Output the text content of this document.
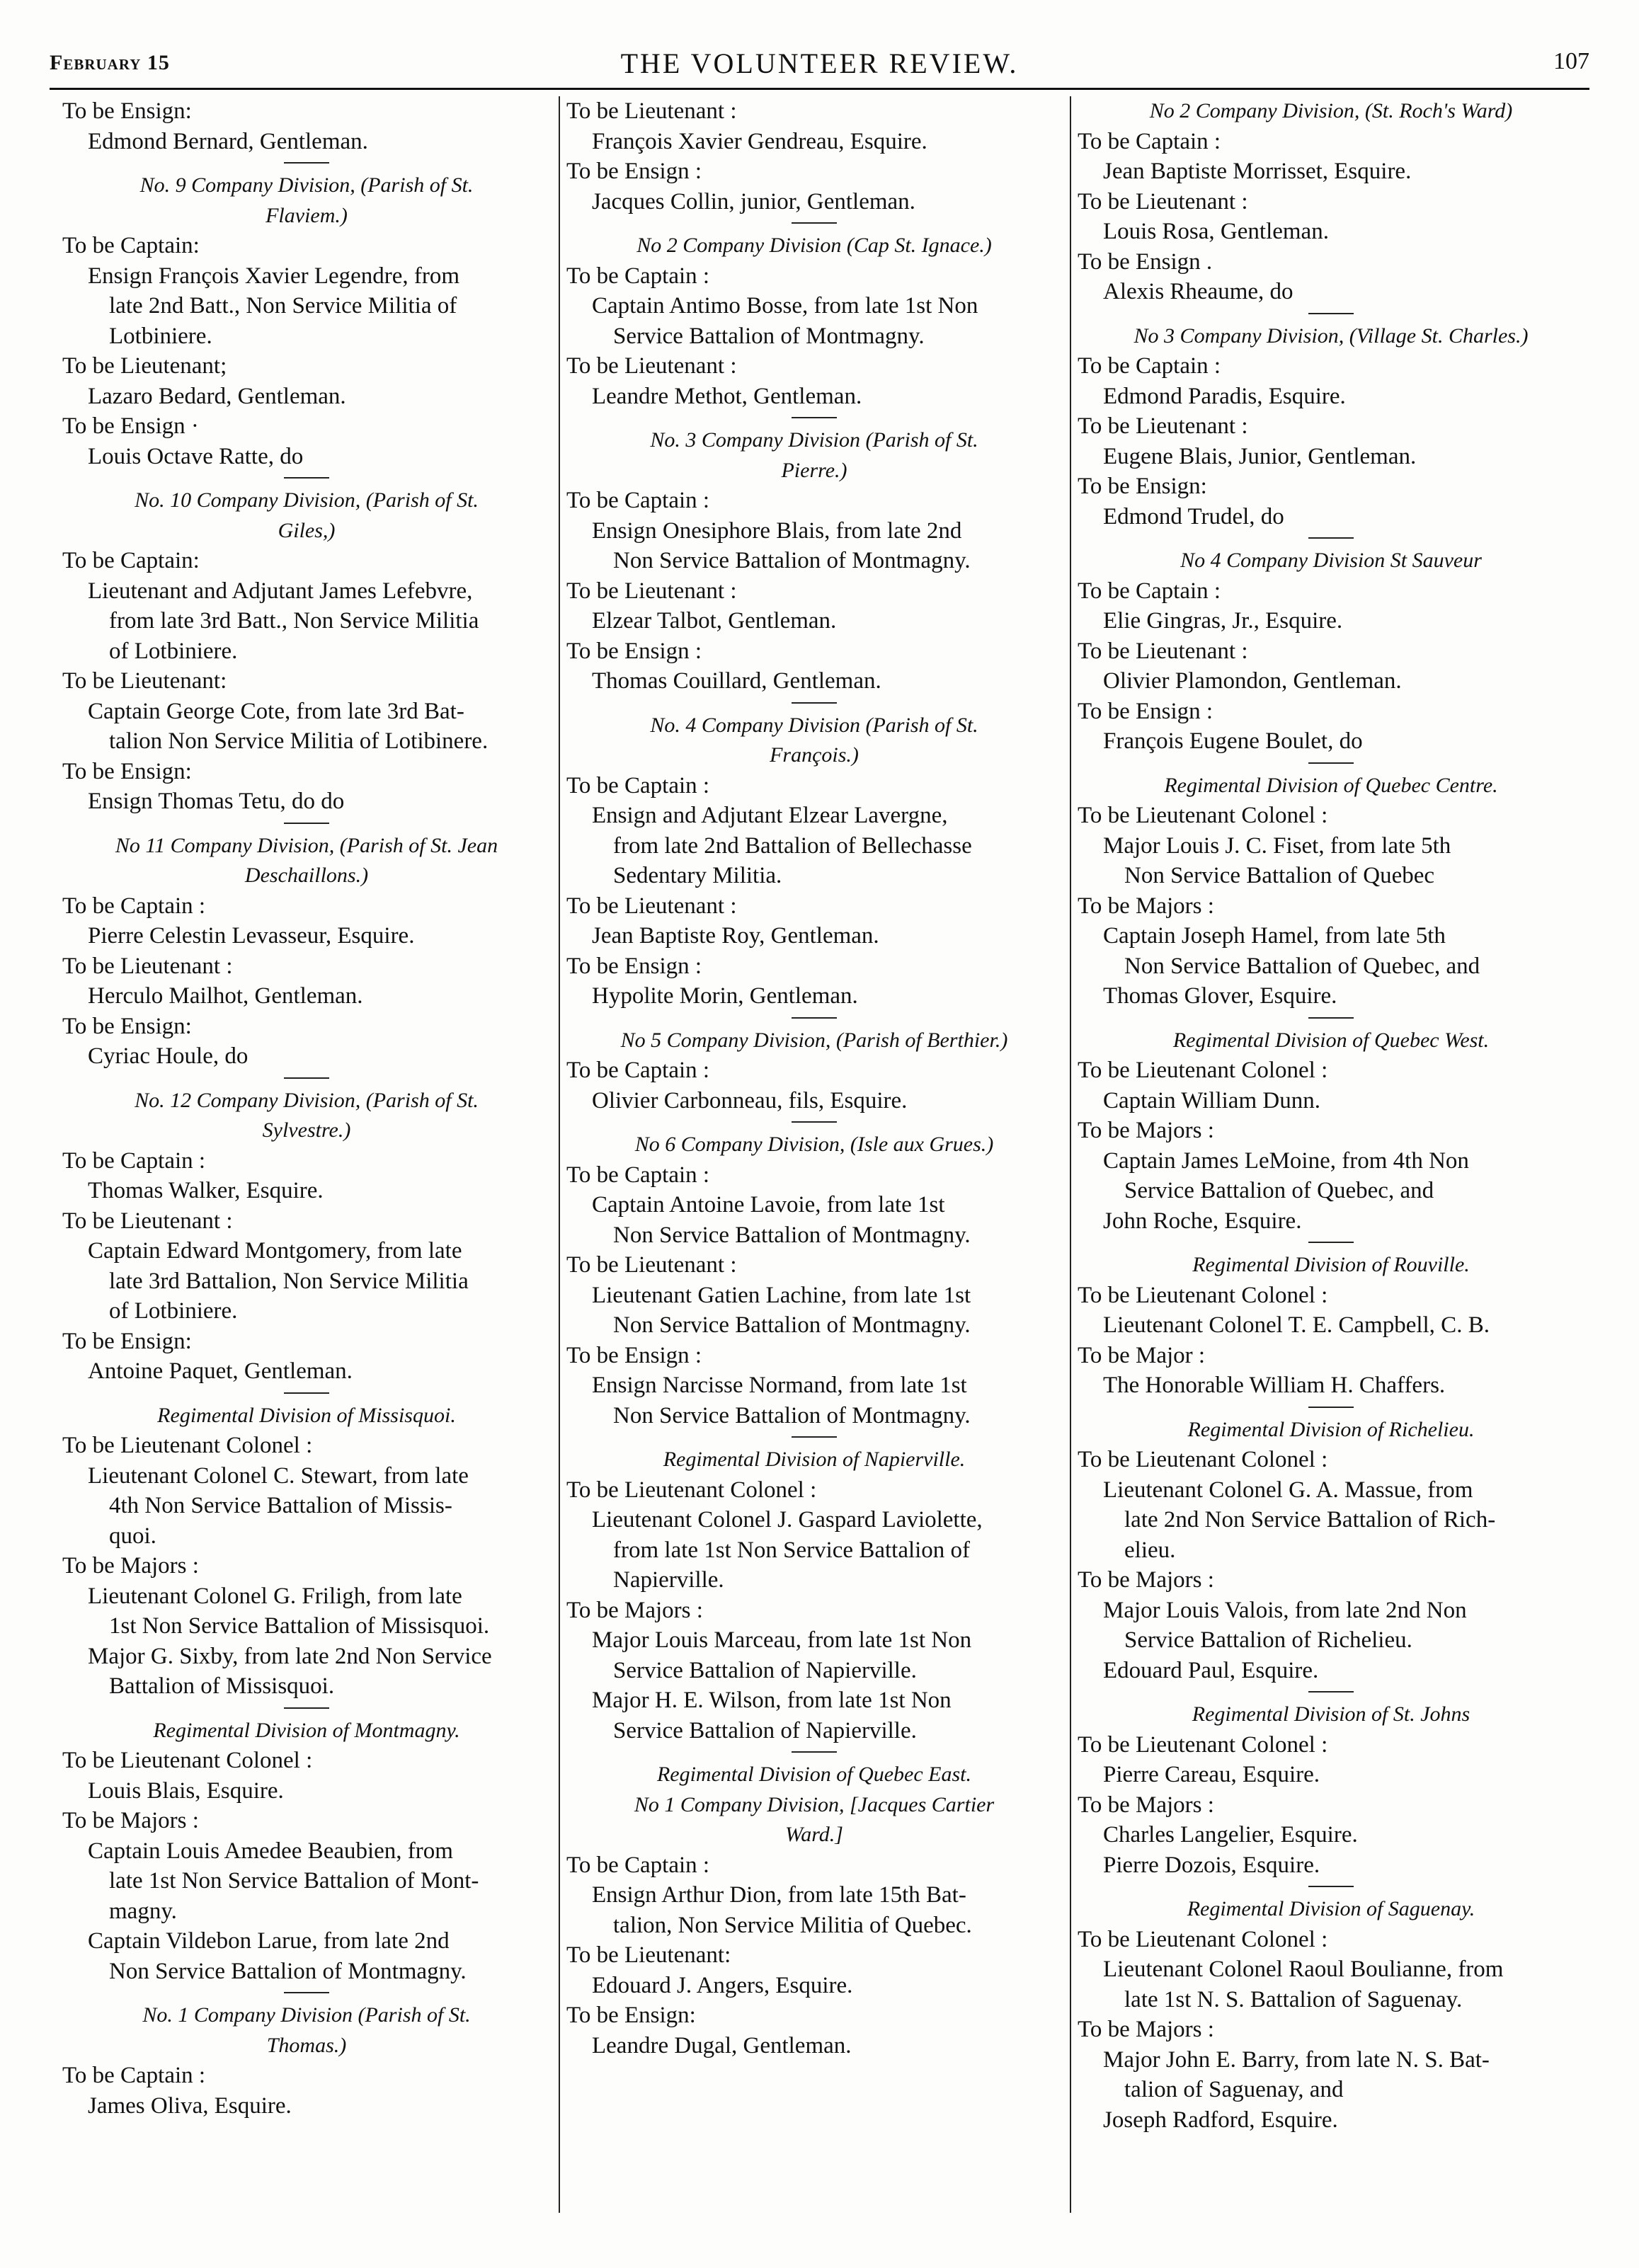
February 15	THE VOLUNTEER REVIEW.	107
To be Ensign:
Edmond Bernard, Gentleman.
No. 9 Company Division, (Parish of St.
Flaviem.)
To be Captain:
Ensign François Xavier Legendre, from
late 2nd Batt., Non Service Militia of
Lotbiniere.
To be Lieutenant;
Lazaro Bedard, Gentleman.
To be Ensign ·
Louis Octave Ratte, do
No. 10 Company Division, (Parish of St.
Giles,)
To be Captain:
Lieutenant and Adjutant James Lefebvre,
from late 3rd Batt., Non Service Militia
of Lotbiniere.
To be Lieutenant:
Captain George Cote, from late 3rd Bat-
talion Non Service Militia of Lotibinere.
To be Ensign:
Ensign Thomas Tetu, do do
No 11 Company Division, (Parish of St. Jean
Deschaillons.)
To be Captain :
Pierre Celestin Levasseur, Esquire.
To be Lieutenant :
Herculo Mailhot, Gentleman.
To be Ensign:
Cyriac Houle, do
No. 12 Company Division, (Parish of St.
Sylvestre.)
To be Captain :
Thomas Walker, Esquire.
To be Lieutenant :
Captain Edward Montgomery, from late
late 3rd Battalion, Non Service Militia
of Lotbiniere.
To be Ensign:
Antoine Paquet, Gentleman.
Regimental Division of Missisquoi.
To be Lieutenant Colonel :
Lieutenant Colonel C. Stewart, from late
4th Non Service Battalion of Missis-
quoi.
To be Majors :
Lieutenant Colonel G. Friligh, from late
1st Non Service Battalion of Missisquoi.
Major G. Sixby, from late 2nd Non Service
Battalion of Missisquoi.
Regimental Division of Montmagny.
To be Lieutenant Colonel :
Louis Blais, Esquire.
To be Majors :
Captain Louis Amedee Beaubien, from
late 1st Non Service Battalion of Mont-
magny.
Captain Vildebon Larue, from late 2nd
Non Service Battalion of Montmagny.
No. 1 Company Division (Parish of St.
Thomas.)
To be Captain :
James Oliva, Esquire.
To be Lieutenant :
François Xavier Gendreau, Esquire.
To be Ensign :
Jacques Collin, junior, Gentleman.
No 2 Company Division (Cap St. Ignace.)
To be Captain :
Captain Antimo Bosse, from late 1st Non
Service Battalion of Montmagny.
To be Lieutenant :
Leandre Methot, Gentleman.
No. 3 Company Division (Parish of St.
Pierre.)
To be Captain :
Ensign Onesiphore Blais, from late 2nd
Non Service Battalion of Montmagny.
To be Lieutenant :
Elzear Talbot, Gentleman.
To be Ensign :
Thomas Couillard, Gentleman.
No. 4 Company Division (Parish of St.
François.)
To be Captain :
Ensign and Adjutant Elzear Lavergne,
from late 2nd Battalion of Bellechasse
Sedentary Militia.
To be Lieutenant :
Jean Baptiste Roy, Gentleman.
To be Ensign :
Hypolite Morin, Gentleman.
No 5 Company Division, (Parish of Berthier.)
To be Captain :
Olivier Carbonneau, fils, Esquire.
No 6 Company Division, (Isle aux Grues.)
To be Captain :
Captain Antoine Lavoie, from late 1st
Non Service Battalion of Montmagny.
To be Lieutenant :
Lieutenant Gatien Lachine, from late 1st
Non Service Battalion of Montmagny.
To be Ensign :
Ensign Narcisse Normand, from late 1st
Non Service Battalion of Montmagny.
Regimental Division of Napierville.
To be Lieutenant Colonel :
Lieutenant Colonel J. Gaspard Laviolette,
from late 1st Non Service Battalion of
Napierville.
To be Majors :
Major Louis Marceau, from late 1st Non
Service Battalion of Napierville.
Major H. E. Wilson, from late 1st Non
Service Battalion of Napierville.
Regimental Division of Quebec East.
No 1 Company Division, [Jacques Cartier
Ward.]
To be Captain :
Ensign Arthur Dion, from late 15th Bat-
talion, Non Service Militia of Quebec.
To be Lieutenant:
Edouard J. Angers, Esquire.
To be Ensign:
Leandre Dugal, Gentleman.
No 2 Company Division, (St. Roch's Ward)
To be Captain :
Jean Baptiste Morrisset, Esquire.
To be Lieutenant :
Louis Rosa, Gentleman.
To be Ensign .
Alexis Rheaume, do
No 3 Company Division, (Village St. Charles.)
To be Captain :
Edmond Paradis, Esquire.
To be Lieutenant :
Eugene Blais, Junior, Gentleman.
To be Ensign:
Edmond Trudel, do
No 4 Company Division St Sauveur
To be Captain :
Elie Gingras, Jr., Esquire.
To be Lieutenant :
Olivier Plamondon, Gentleman.
To be Ensign :
François Eugene Boulet, do
Regimental Division of Quebec Centre.
To be Lieutenant Colonel :
Major Louis J. C. Fiset, from late 5th
Non Service Battalion of Quebec
To be Majors :
Captain Joseph Hamel, from late 5th
Non Service Battalion of Quebec, and
Thomas Glover, Esquire.
Regimental Division of Quebec West.
To be Lieutenant Colonel :
Captain William Dunn.
To be Majors :
Captain James LeMoine, from 4th Non
Service Battalion of Quebec, and
John Roche, Esquire.
Regimental Division of Rouville.
To be Lieutenant Colonel :
Lieutenant Colonel T. E. Campbell, C. B.
To be Major :
The Honorable William H. Chaffers.
Regimental Division of Richelieu.
To be Lieutenant Colonel :
Lieutenant Colonel G. A. Massue, from
late 2nd Non Service Battalion of Rich-
elieu.
To be Majors :
Major Louis Valois, from late 2nd Non
Service Battalion of Richelieu.
Edouard Paul, Esquire.
Regimental Division of St. Johns
To be Lieutenant Colonel :
Pierre Careau, Esquire.
To be Majors :
Charles Langelier, Esquire.
Pierre Dozois, Esquire.
Regimental Division of Saguenay.
To be Lieutenant Colonel :
Lieutenant Colonel Raoul Boulianne, from
late 1st N. S. Battalion of Saguenay.
To be Majors :
Major John E. Barry, from late N. S. Bat-
talion of Saguenay, and
Joseph Radford, Esquire.
